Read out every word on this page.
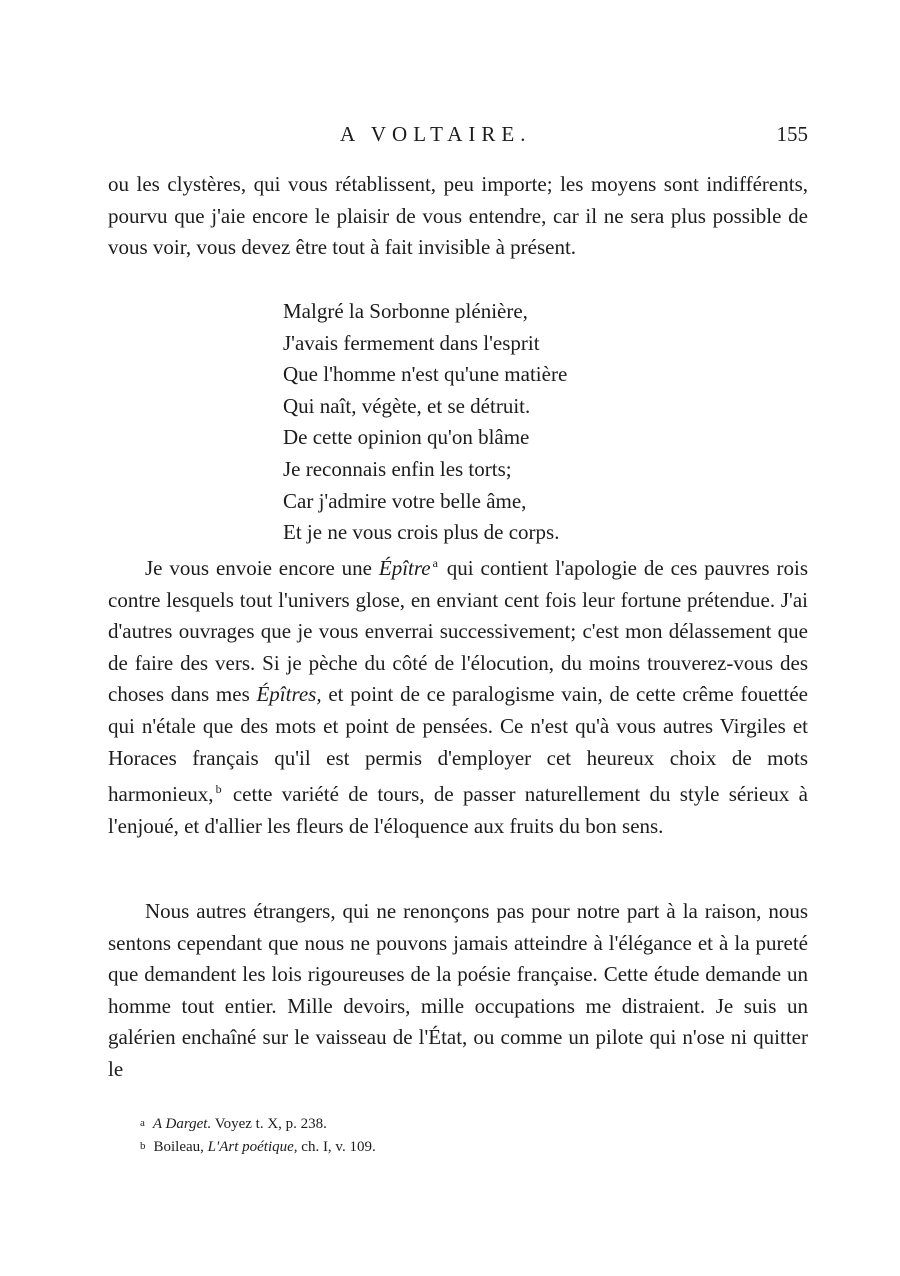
A VOLTAIRE.	155

ou les clystères, qui vous rétablissent, peu importe; les moyens sont indifférents, pourvu que j'aie encore le plaisir de vous entendre, car il ne sera plus possible de vous voir, vous devez être tout à fait invisible à présent.

Malgré la Sorbonne plénière,
J'avais fermement dans l'esprit
Que l'homme n'est qu'une matière
Qui naît, végète, et se détruit.
De cette opinion qu'on blâme
Je reconnais enfin les torts;
Car j'admire votre belle âme,
Et je ne vous crois plus de corps.

Je vous envoie encore une Épître $^a$ qui contient l'apologie de ces pauvres rois contre lesquels tout l'univers glose, en enviant cent fois leur fortune prétendue. J'ai d'autres ouvrages que je vous enverrai successivement; c'est mon délassement que de faire des vers. Si je pèche du côté de l'élocution, du moins trouverez-vous des choses dans mes Épîtres, et point de ce paralogisme vain, de cette crême fouettée qui n'étale que des mots et point de pensées. Ce n'est qu'à vous autres Virgiles et Horaces français qu'il est permis d'employer cet heureux choix de mots harmonieux, $^b$ cette variété de tours, de passer naturellement du style sérieux à l'enjoué, et d'allier les fleurs de l'éloquence aux fruits du bon sens.

Nous autres étrangers, qui ne renonçons pas pour notre part à la raison, nous sentons cependant que nous ne pouvons jamais atteindre à l'élégance et à la pureté que demandent les lois rigoureuses de la poésie française. Cette étude demande un homme tout entier. Mille devoirs, mille occupations me distraient. Je suis un galérien enchaîné sur le vaisseau de l'État, ou comme un pilote qui n'ose ni quitter le

a A Darget. Voyez t. X, p. 238.
b Boileau, L'Art poétique, ch. I, v. 109.
